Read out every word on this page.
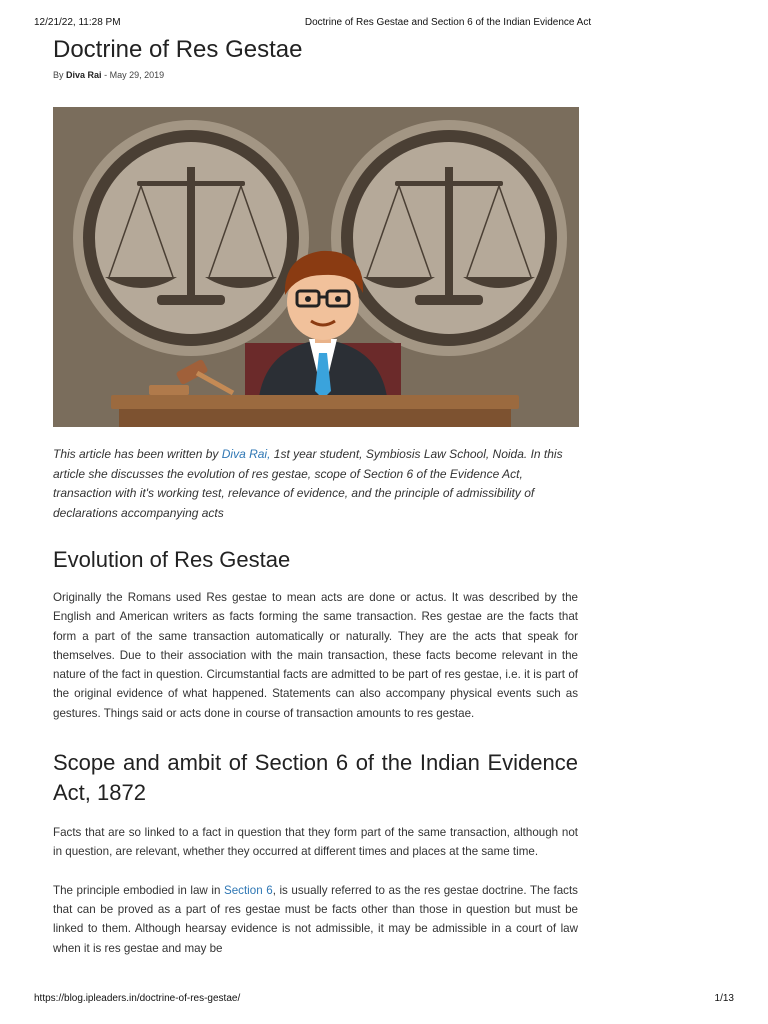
12/21/22, 11:28 PM	Doctrine of Res Gestae and Section 6 of the Indian Evidence Act
Doctrine of Res Gestae
By Diva Rai - May 29, 2019

This article has been written by Diva Rai, 1st year student, Symbiosis Law School, Noida. In this article she discusses the evolution of res gestae, scope of Section 6 of the Evidence Act, transaction with it's working test, relevance of evidence, and the principle of admissibility of declarations accompanying acts

Evolution of Res Gestae

Originally the Romans used Res gestae to mean acts are done or actus. It was described by the English and American writers as facts forming the same transaction. Res gestae are the facts that form a part of the same transaction automatically or naturally. They are the acts that speak for themselves. Due to their association with the main transaction, these facts become relevant in the nature of the fact in question. Circumstantial facts are admitted to be part of res gestae, i.e. it is part of the original evidence of what happened. Statements can also accompany physical events such as gestures. Things said or acts done in course of transaction amounts to res gestae.

Scope and ambit of Section 6 of the Indian Evidence Act, 1872

Facts that are so linked to a fact in question that they form part of the same transaction, although not in question, are relevant, whether they occurred at different times and places at the same time.

The principle embodied in law in Section 6, is usually referred to as the res gestae doctrine. The facts that can be proved as a part of res gestae must be facts other than those in question but must be linked to them. Although hearsay evidence is not admissible, it may be admissible in a court of law when it is res gestae and may be

https://blog.ipleaders.in/doctrine-of-res-gestae/	1/13
